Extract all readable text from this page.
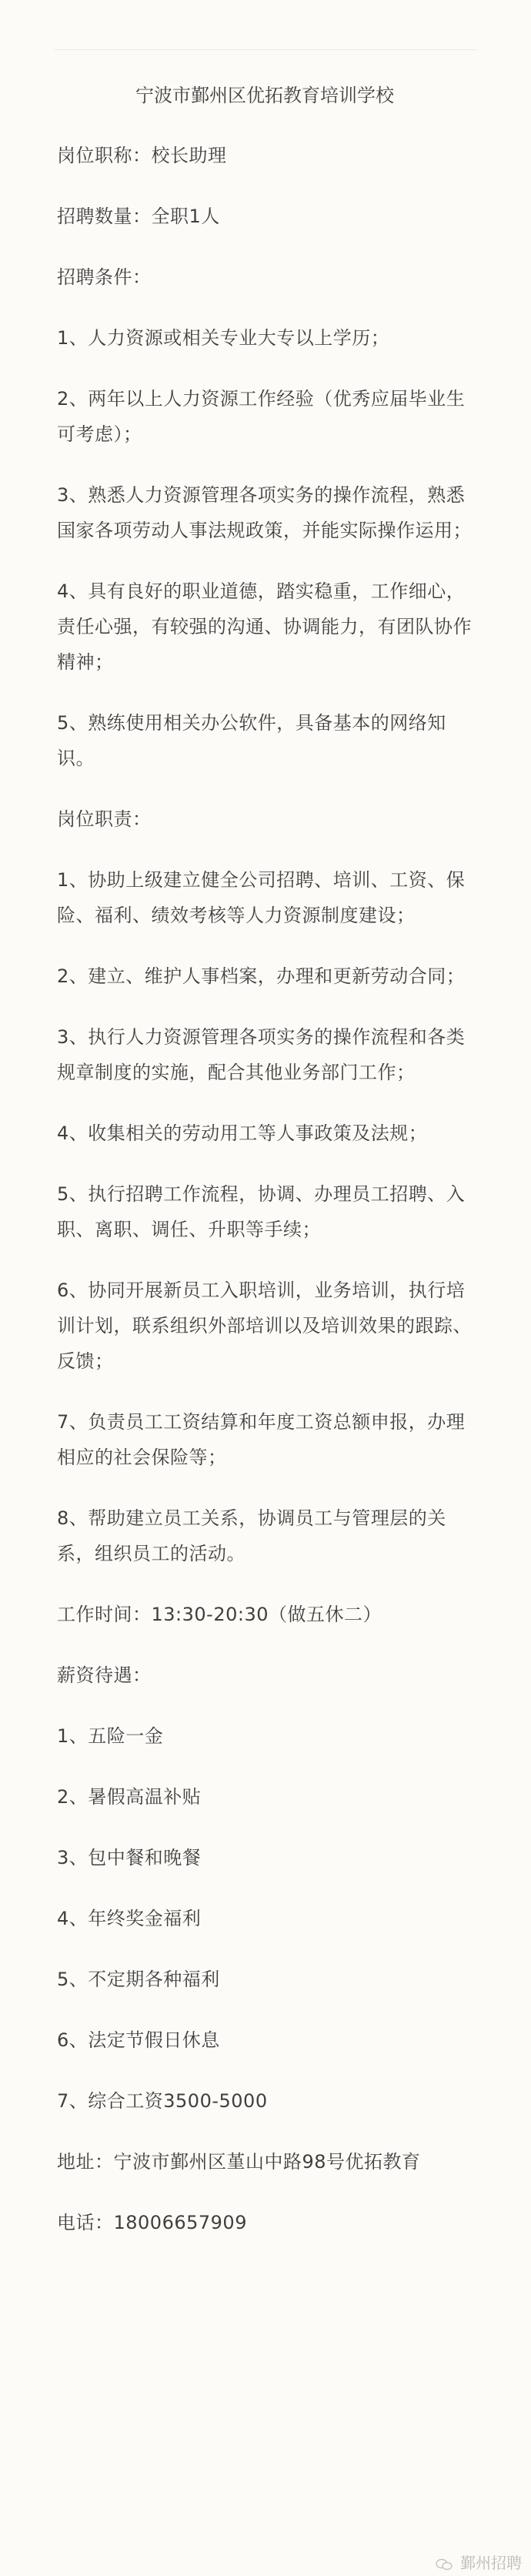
宁波市鄞州区优拓教育培训学校
岗位职称：校长助理
招聘数量：全职1人
招聘条件：
1、人力资源或相关专业大专以上学历；
2、两年以上人力资源工作经验（优秀应届毕业生可考虑）；
3、熟悉人力资源管理各项实务的操作流程，熟悉国家各项劳动人事法规政策，并能实际操作运用；
4、具有良好的职业道德，踏实稳重，工作细心，责任心强，有较强的沟通、协调能力，有团队协作精神；
5、熟练使用相关办公软件，具备基本的网络知识。
岗位职责：
1、协助上级建立健全公司招聘、培训、工资、保险、福利、绩效考核等人力资源制度建设；
2、建立、维护人事档案，办理和更新劳动合同；
3、执行人力资源管理各项实务的操作流程和各类规章制度的实施，配合其他业务部门工作；
4、收集相关的劳动用工等人事政策及法规；
5、执行招聘工作流程，协调、办理员工招聘、入职、离职、调任、升职等手续；
6、协同开展新员工入职培训，业务培训，执行培训计划，联系组织外部培训以及培训效果的跟踪、反馈；
7、负责员工工资结算和年度工资总额申报，办理相应的社会保险等；
8、帮助建立员工关系，协调员工与管理层的关系，组织员工的活动。
工作时间：13:30-20:30（做五休二）
薪资待遇：
1、五险一金
2、暑假高温补贴
3、包中餐和晚餐
4、年终奖金福利
5、不定期各种福利
6、法定节假日休息
7、综合工资3500-5000
地址：宁波市鄞州区堇山中路98号优拓教育
电话：18006657909
鄞州招聘
